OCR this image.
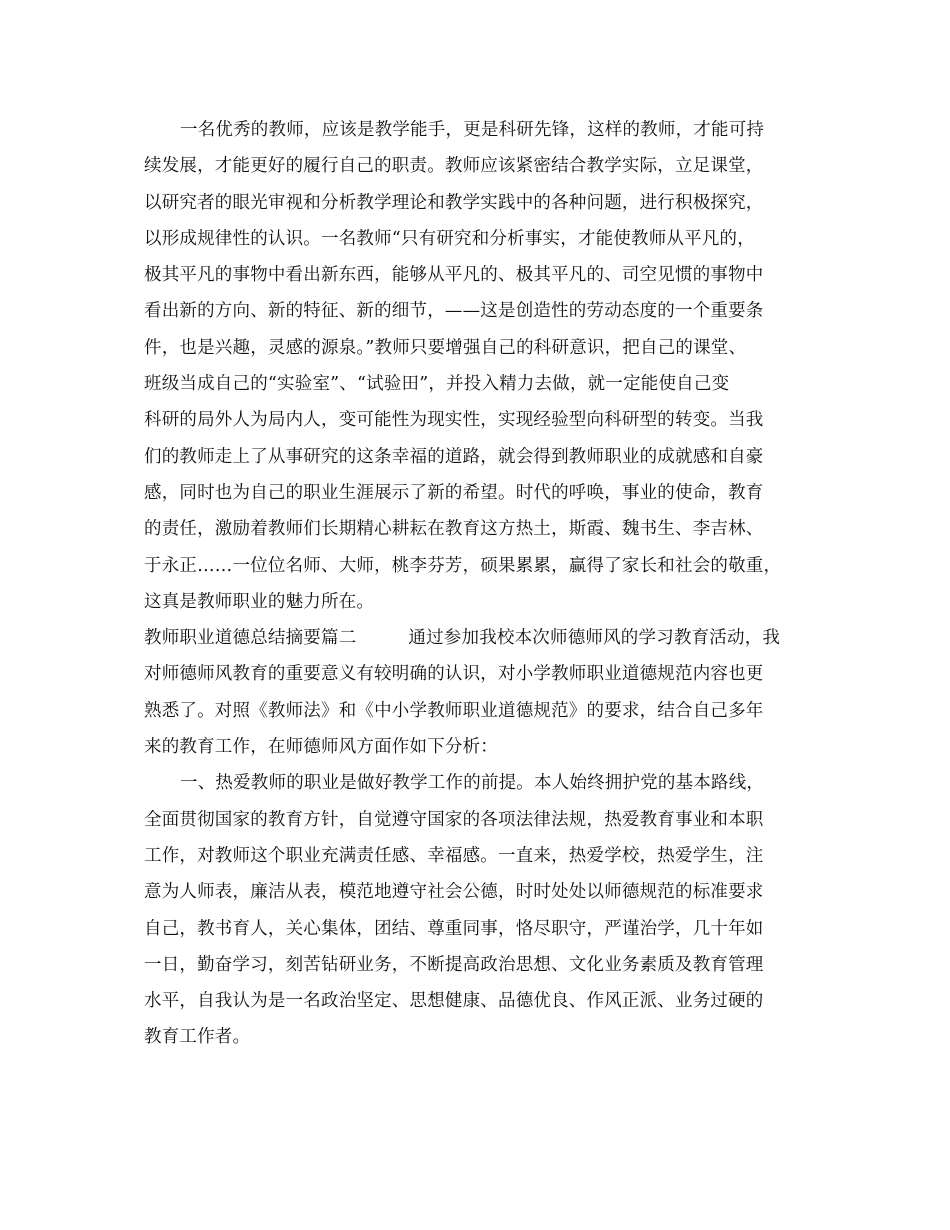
一名优秀的教师，应该是教学能手，更是科研先锋，这样的教师，才能可持
续发展，才能更好的履行自己的职责。教师应该紧密结合教学实际，立足课堂，
以研究者的眼光审视和分析教学理论和教学实践中的各种问题，进行积极探究，
以形成规律性的认识。一名教师“只有研究和分析事实，才能使教师从平凡的，
极其平凡的事物中看出新东西，能够从平凡的、极其平凡的、司空见惯的事物中
看出新的方向、新的特征、新的细节，——这是创造性的劳动态度的一个重要条
件，也是兴趣，灵感的源泉。”教师只要增强自己的科研意识，把自己的课堂、
班级当成自己的“实验室”、“试验田”，并投入精力去做，就一定能使自己变
科研的局外人为局内人，变可能性为现实性，实现经验型向科研型的转变。当我
们的教师走上了从事研究的这条幸福的道路，就会得到教师职业的成就感和自豪
感，同时也为自己的职业生涯展示了新的希望。时代的呼唤，事业的使命，教育
的责任，激励着教师们长期精心耕耘在教育这方热土，斯霞、魏书生、李吉林、
于永正……一位位名师、大师，桃李芬芳，硕果累累，赢得了家长和社会的敬重，
这真是教师职业的魅力所在。
教师职业道德总结摘要篇二	通过参加我校本次师德师风的学习教育活动，我
对师德师风教育的重要意义有较明确的认识，对小学教师职业道德规范内容也更
熟悉了。对照《教师法》和《中小学教师职业道德规范》的要求，结合自己多年
来的教育工作，在师德师风方面作如下分析：
一、热爱教师的职业是做好教学工作的前提。本人始终拥护党的基本路线，
全面贯彻国家的教育方针，自觉遵守国家的各项法律法规，热爱教育事业和本职
工作，对教师这个职业充满责任感、幸福感。一直来，热爱学校，热爱学生，注
意为人师表，廉洁从表，模范地遵守社会公德，时时处处以师德规范的标准要求
自己，教书育人，关心集体，团结、尊重同事，恪尽职守，严谨治学，几十年如
一日，勤奋学习，刻苦钻研业务，不断提高政治思想、文化业务素质及教育管理
水平，自我认为是一名政治坚定、思想健康、品德优良、作风正派、业务过硬的
教育工作者。
